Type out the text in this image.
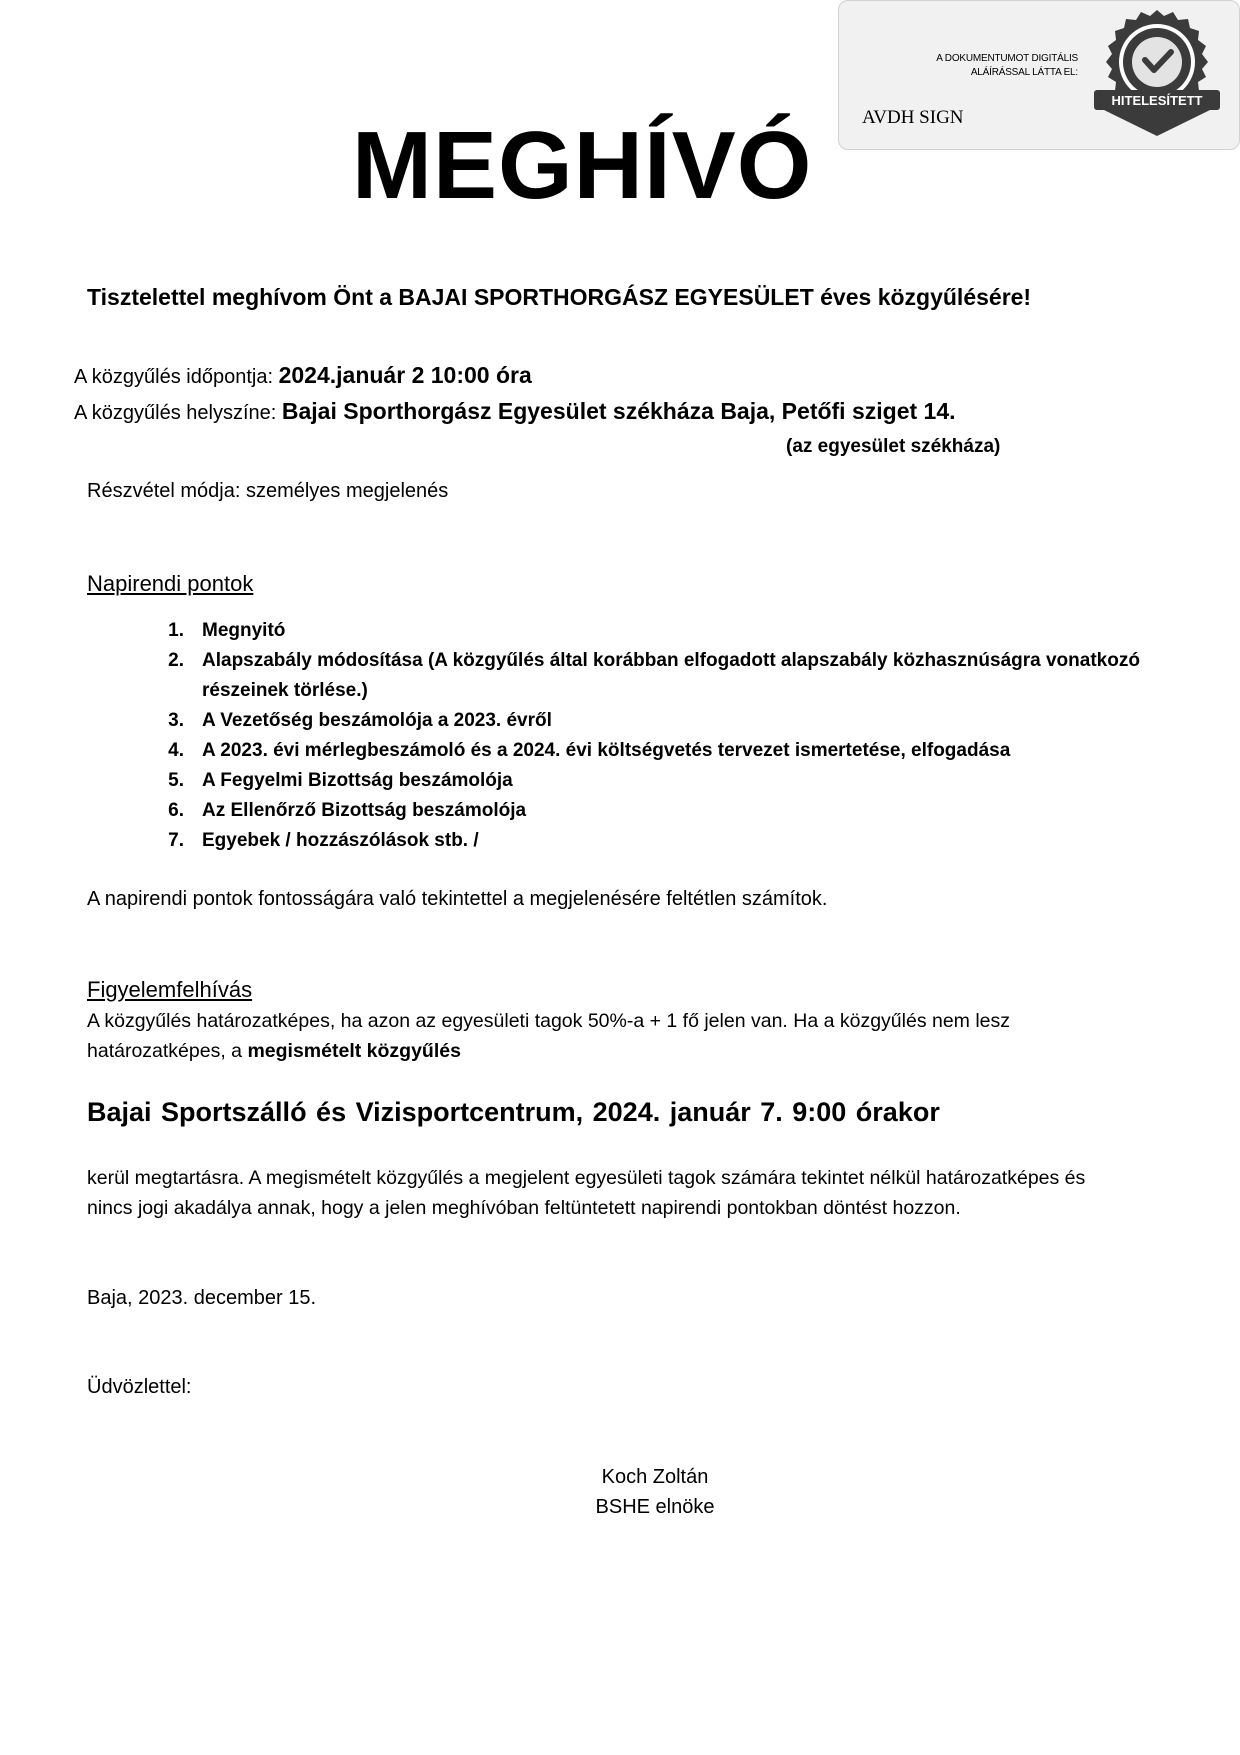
A DOKUMENTUMOT DIGITÁLIS
ALÁÍRÁSSAL LÁTTA EL:
AVDH SIGN
HITELESÍTETT
MEGHÍVÓ
Tisztelettel meghívom Önt a BAJAI SPORTHORGÁSZ EGYESÜLET éves közgyűlésére!
A közgyűlés időpontja: 2024.január 2 10:00 óra
A közgyűlés helyszíne: Bajai Sporthorgász Egyesület székháza Baja, Petőfi sziget 14.
(az egyesület székháza)
Részvétel módja: személyes megjelenés
Napirendi pontok
1. Megnyitó
2. Alapszabály módosítása (A közgyűlés által korábban elfogadott alapszabály közhasznúságra vonatkozó részeinek törlése.)
3. A Vezetőség beszámolója a 2023. évről
4. A 2023. évi mérlegbeszámoló és a 2024. évi költségvetés tervezet ismertetése, elfogadása
5. A Fegyelmi Bizottság beszámolója
6. Az Ellenőrző Bizottság beszámolója
7. Egyebek / hozzászólások stb. /
A napirendi pontok fontosságára való tekintettel a megjelenésére feltétlen számítok.
Figyelemfelhívás
A közgyűlés határozatképes, ha azon az egyesületi tagok 50%-a + 1 fő jelen van. Ha a közgyűlés nem lesz határozatképes, a megismételt közgyűlés
Bajai Sportszálló és Vizisportcentrum, 2024. január 7. 9:00 órakor
kerül megtartásra. A megismételt közgyűlés a megjelent egyesületi tagok számára tekintet nélkül határozatképes és nincs jogi akadálya annak, hogy a jelen meghívóban feltüntetett napirendi pontokban döntést hozzon.
Baja, 2023. december 15.
Üdvözlettel:
Koch Zoltán
BSHE elnöke
